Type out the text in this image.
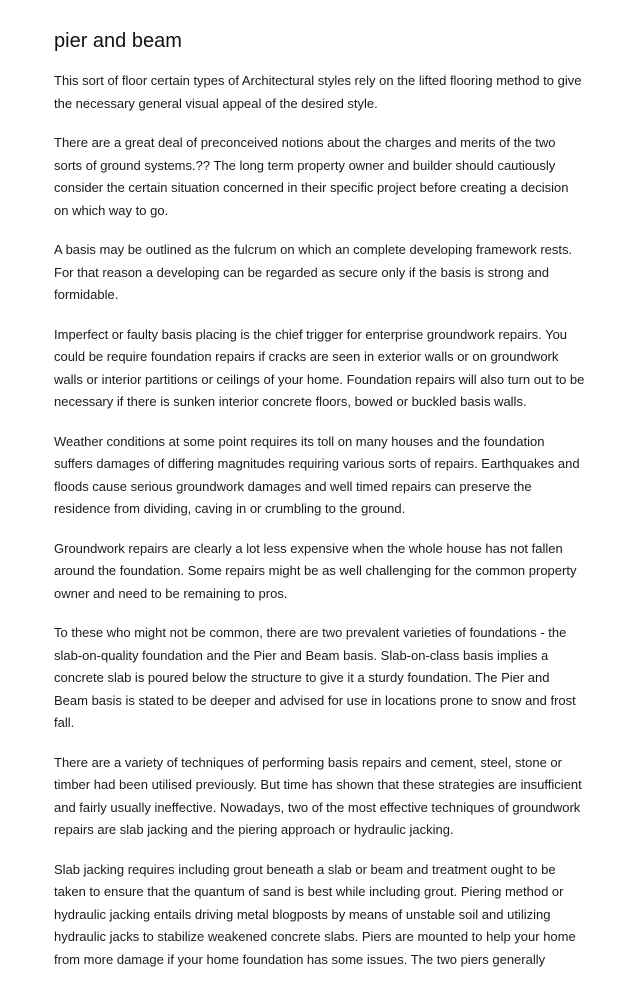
pier and beam

This sort of floor certain types of Architectural styles rely on the lifted flooring method to give the necessary general visual appeal of the desired style.

There are a great deal of preconceived notions about the charges and merits of the two sorts of ground systems.?? The long term property owner and builder should cautiously consider the certain situation concerned in their specific project before creating a decision on which way to go.

A basis may be outlined as the fulcrum on which an complete developing framework rests. For that reason a developing can be regarded as secure only if the basis is strong and formidable.

Imperfect or faulty basis placing is the chief trigger for enterprise groundwork repairs. You could be require foundation repairs if cracks are seen in exterior walls or on groundwork walls or interior partitions or ceilings of your home. Foundation repairs will also turn out to be necessary if there is sunken interior concrete floors, bowed or buckled basis walls.

Weather conditions at some point requires its toll on many houses and the foundation suffers damages of differing magnitudes requiring various sorts of repairs. Earthquakes and floods cause serious groundwork damages and well timed repairs can preserve the residence from dividing, caving in or crumbling to the ground.

Groundwork repairs are clearly a lot less expensive when the whole house has not fallen around the foundation. Some repairs might be as well challenging for the common property owner and need to be remaining to pros.

To these who might not be common, there are two prevalent varieties of foundations - the slab-on-quality foundation and the Pier and Beam basis. Slab-on-class basis implies a concrete slab is poured below the structure to give it a sturdy foundation. The Pier and Beam basis is stated to be deeper and advised for use in locations prone to snow and frost fall.

There are a variety of techniques of performing basis repairs and cement, steel, stone or timber had been utilised previously. But time has shown that these strategies are insufficient and fairly usually ineffective. Nowadays, two of the most effective techniques of groundwork repairs are slab jacking and the piering approach or hydraulic jacking.

Slab jacking requires including grout beneath a slab or beam and treatment ought to be taken to ensure that the quantum of sand is best while including grout. Piering method or hydraulic jacking entails driving metal blogposts by means of unstable soil and utilizing hydraulic jacks to stabilize weakened concrete slabs. Piers are mounted to help your home from more damage if your home foundation has some issues. The two piers generally
